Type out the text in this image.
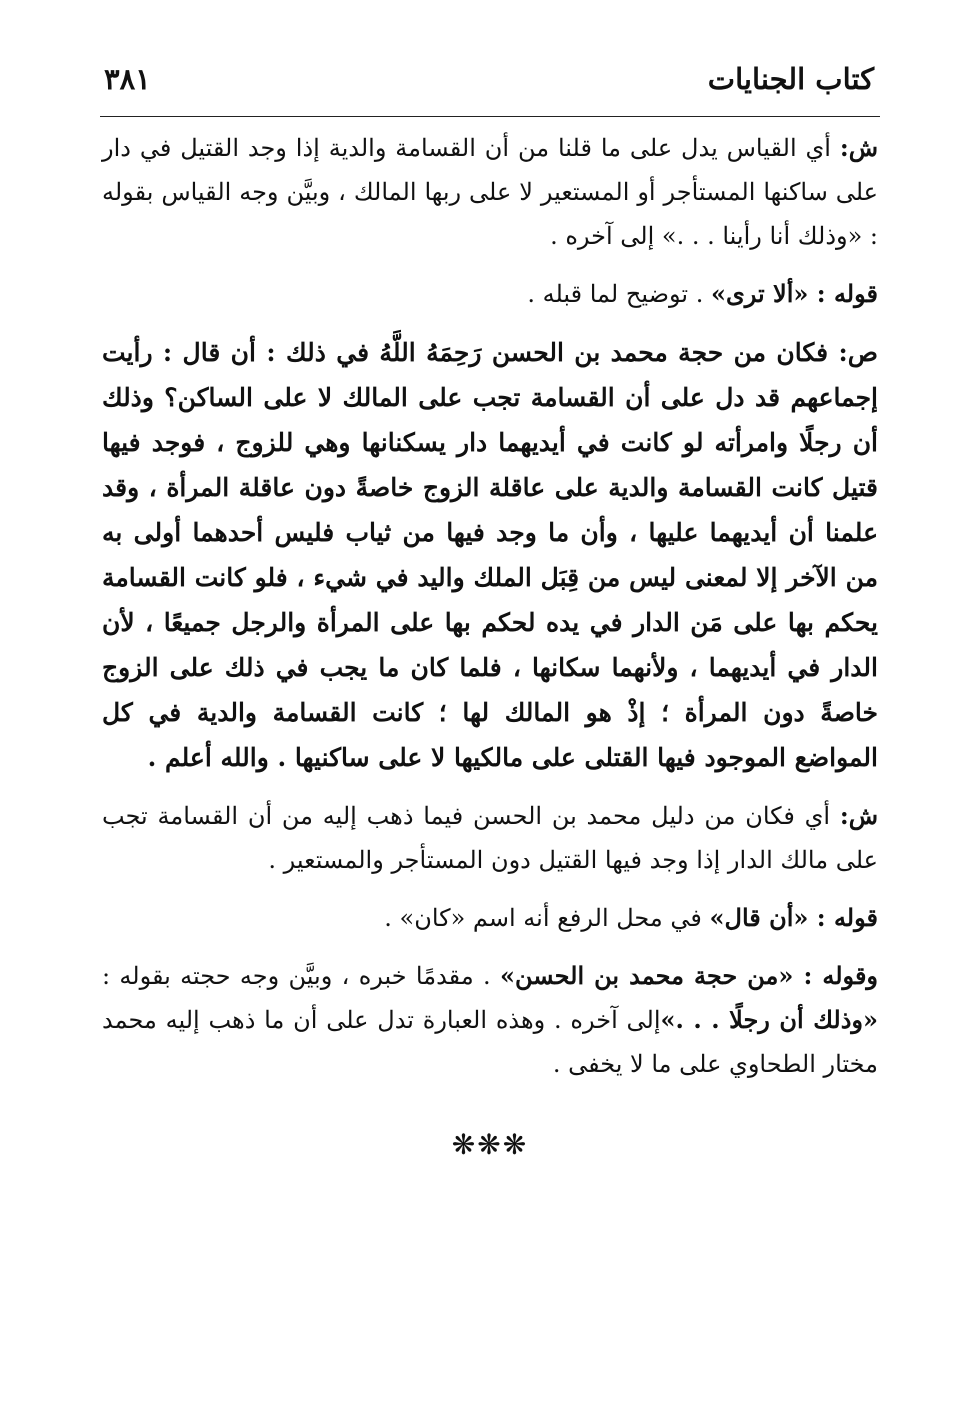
كتاب الجنايات
٣٨١

ش: أي القياس يدل على ما قلنا من أن القسامة والدية إذا وجد القتيل في دار على ساكنها المستأجر أو المستعير لا على ربها المالك ، وبيَّن وجه القياس بقوله : «وذلك أنا رأينا . . .» إلى آخره .

قوله : «ألا ترى» . توضيح لما قبله .

ص: فكان من حجة محمد بن الحسن رَحِمَهُ اللَّهُ في ذلك : أن قال : رأيت إجماعهم قد دل على أن القسامة تجب على المالك لا على الساكن؟ وذلك أن رجلًا وامرأته لو كانت في أيديهما دار يسكنانها وهي للزوج ، فوجد فيها قتيل كانت القسامة والدية على عاقلة الزوج خاصةً دون عاقلة المرأة ، وقد علمنا أن أيديهما عليها ، وأن ما وجد فيها من ثياب فليس أحدهما أولى به من الآخر إلا لمعنى ليس من قِبَل الملك واليد في شيء ، فلو كانت القسامة يحكم بها على مَن الدار في يده لحكم بها على المرأة والرجل جميعًا ، لأن الدار في أيديهما ، ولأنهما سكانها ، فلما كان ما يجب في ذلك على الزوج خاصةً دون المرأة ؛ إذْ هو المالك لها ؛ كانت القسامة والدية في كل المواضع الموجود فيها القتلى على مالكيها لا على ساكنيها . والله أعلم .

ش: أي فكان من دليل محمد بن الحسن فيما ذهب إليه من أن القسامة تجب على مالك الدار إذا وجد فيها القتيل دون المستأجر والمستعير .

قوله : «أن قال» في محل الرفع أنه اسم «كان» .

وقوله : «من حجة محمد بن الحسن» . مقدمًا خبره ، وبيَّن وجه حجته بقوله : «وذلك أن رجلًا . . .»إلى آخره . وهذه العبارة تدل على أن ما ذهب إليه محمد مختار الطحاوي على ما لا يخفى .

❋❋❋
